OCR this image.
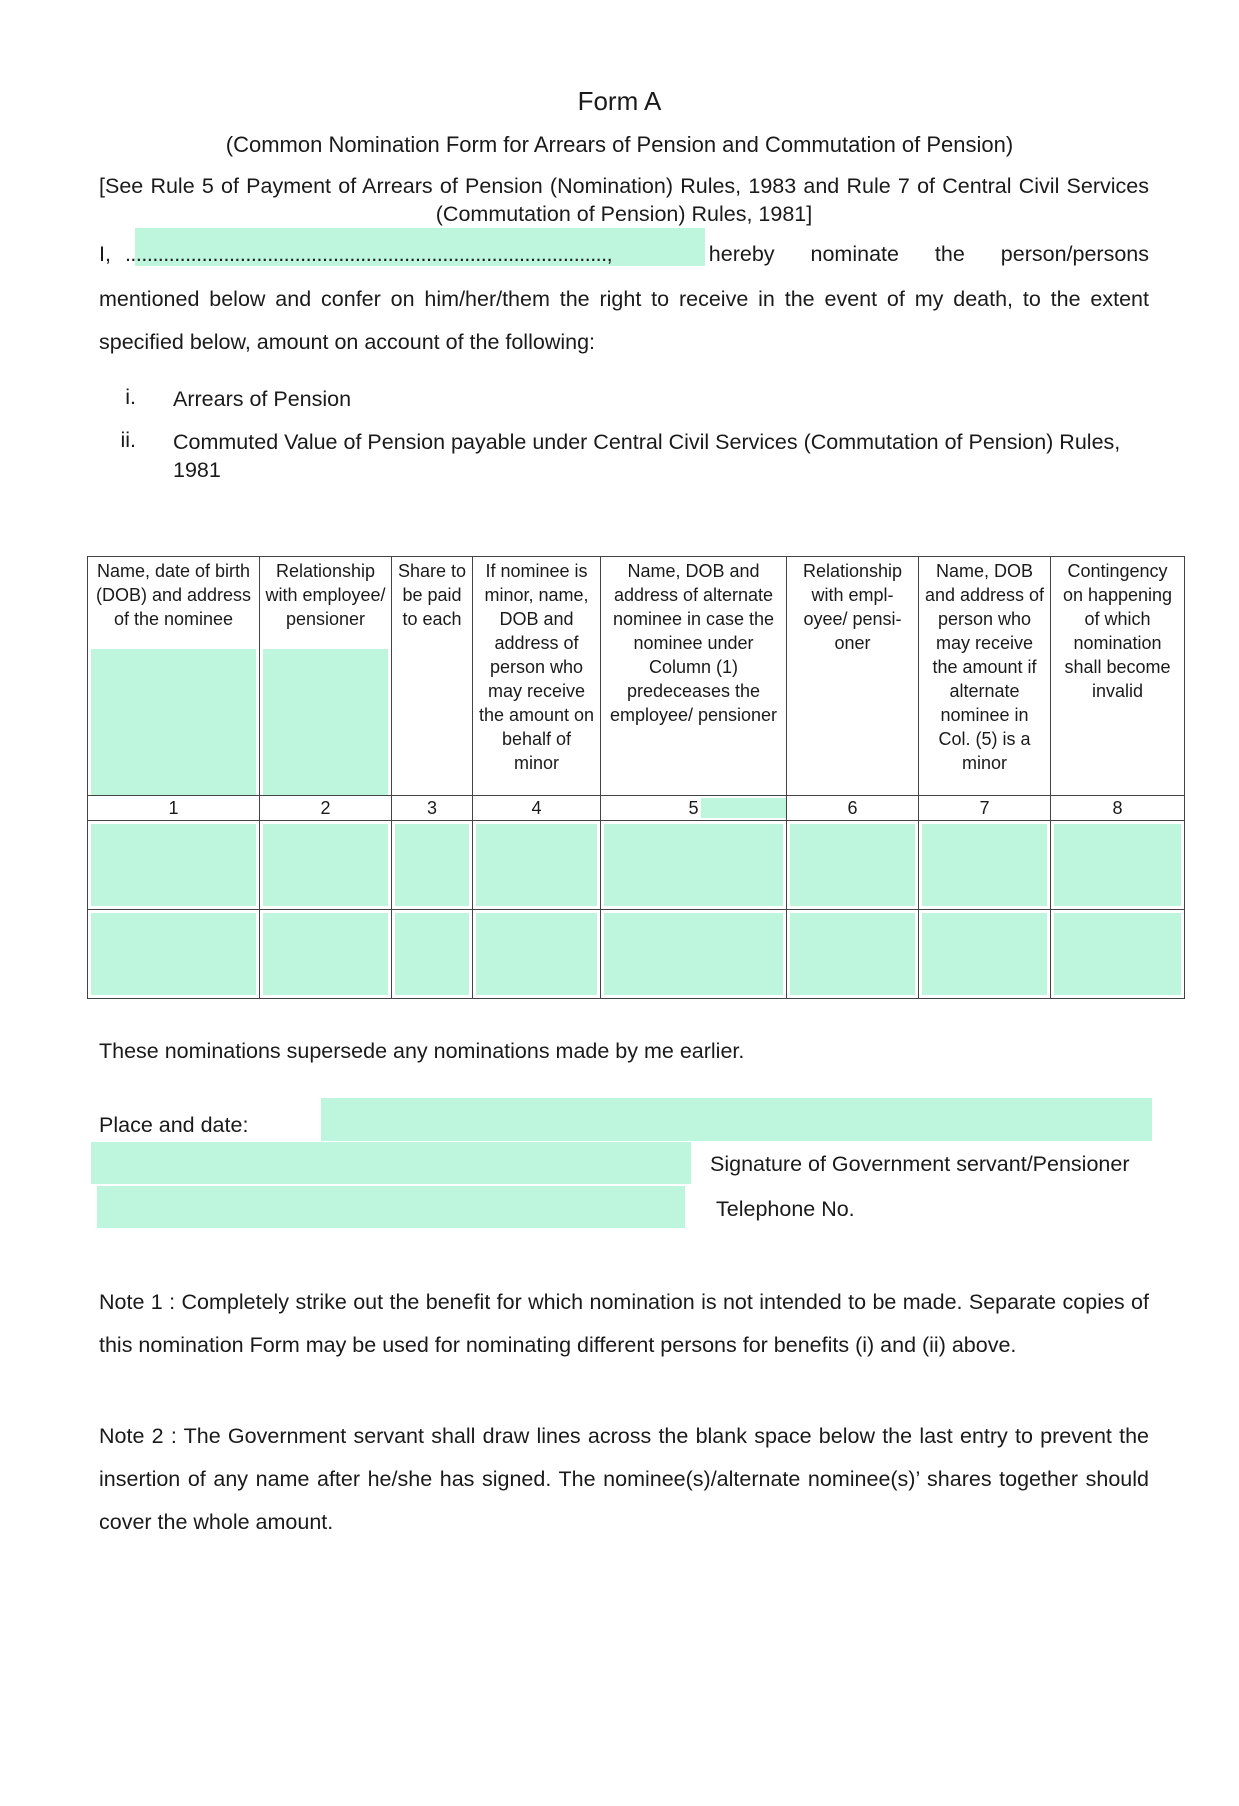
Form A
(Common Nomination Form for Arrears of Pension and Commutation of Pension)
[See Rule 5 of Payment of Arrears of Pension (Nomination) Rules, 1983 and Rule 7 of Central Civil Services (Commutation of Pension) Rules, 1981]
I, ........................................................................................,	hereby nominate the person/persons
mentioned below and confer on him/her/them the right to receive in the event of my death, to the extent specified below, amount on account of the following:
i. Arrears of Pension
ii. Commuted Value of Pension payable under Central Civil Services (Commutation of Pension) Rules, 1981
Name, date of birth (DOB) and address of the nominee	Relationship with employee/ pensioner	Share to be paid to each	If nominee is minor, name, DOB and address of person who may receive the amount on behalf of minor	Name, DOB and address of alternate nominee in case the nominee under Column (1) predeceases the employee/ pensioner	Relationship with empl-oyee/ pensi-oner	Name, DOB and address of person who may receive the amount if alternate nominee in Col. (5) is a minor	Contingency on happening of which nomination shall become invalid

1	2	3	4	5	6	7	8

These nominations supersede any nominations made by me earlier.
Place and date:
Signature of Government servant/Pensioner
Telephone No.
Note 1 : Completely strike out the benefit for which nomination is not intended to be made. Separate copies of this nomination Form may be used for nominating different persons for benefits (i) and (ii) above.
Note 2 : The Government servant shall draw lines across the blank space below the last entry to prevent the insertion of any name after he/she has signed. The nominee(s)/alternate nominee(s)’ shares together should cover the whole amount.
